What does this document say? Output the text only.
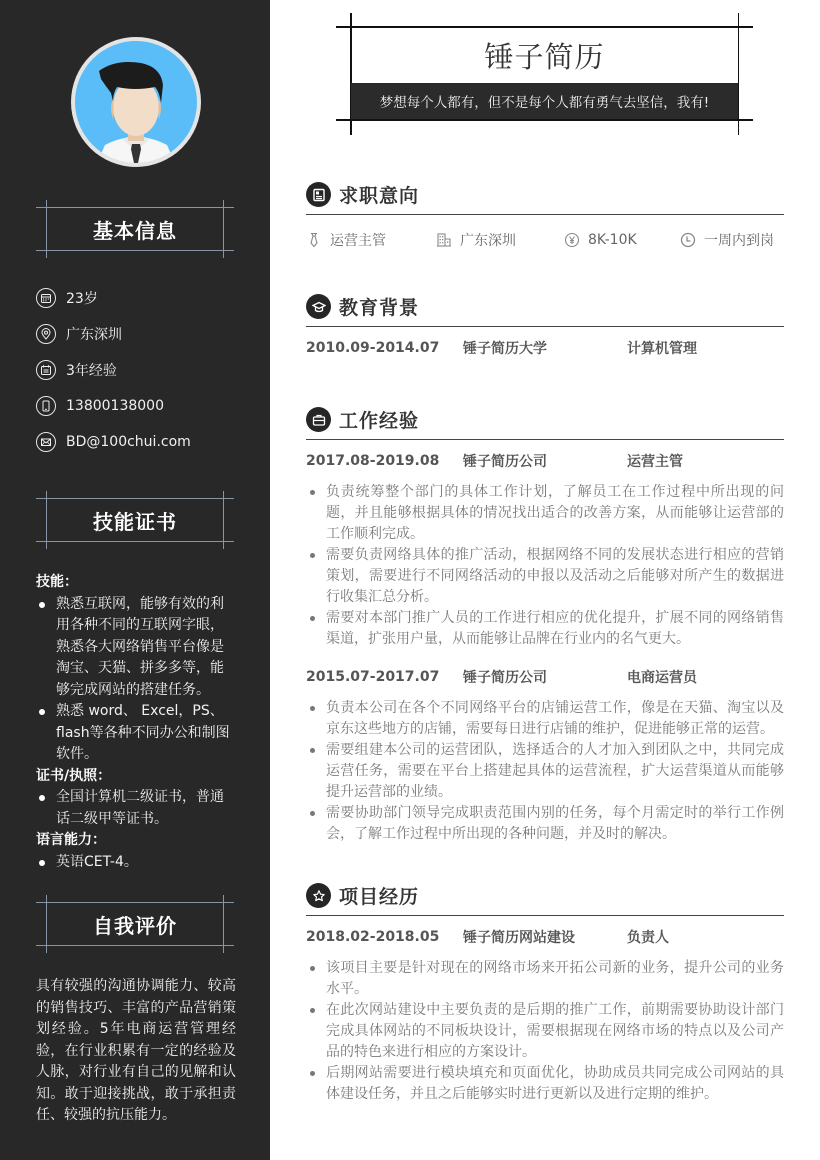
基本信息
23岁
广东深圳
3年经验
13800138000
BD@100chui.com
技能证书
技能：
熟悉互联网，能够有效的利用各种不同的互联网字眼，熟悉各大网络销售平台像是淘宝、天猫、拼多多等，能够完成网站的搭建任务。
熟悉 word、 Excel，PS、flash等各种不同办公和制图软件。
证书/执照：
全国计算机二级证书，普通话二级甲等证书。
语言能力：
英语CET-4。
自我评价
具有较强的沟通协调能力、较高的销售技巧、丰富的产品营销策划经验。5年电商运营管理经验，在行业积累有一定的经验及人脉，对行业有自己的见解和认知。敢于迎接挑战，敢于承担责任、较强的抗压能力。
锤子简历
梦想每个人都有，但不是每个人都有勇气去坚信，我有!
求职意向
运营主管	广东深圳	8K-10K	一周内到岗
教育背景
2010.09-2014.07	锤子简历大学	计算机管理
工作经验
2017.08-2019.08	锤子简历公司	运营主管
负责统筹整个部门的具体工作计划，了解员工在工作过程中所出现的问题，并且能够根据具体的情况找出适合的改善方案，从而能够让运营部的工作顺利完成。
需要负责网络具体的推广活动，根据网络不同的发展状态进行相应的营销策划，需要进行不同网络活动的申报以及活动之后能够对所产生的数据进行收集汇总分析。
需要对本部门推广人员的工作进行相应的优化提升，扩展不同的网络销售渠道，扩张用户量，从而能够让品牌在行业内的名气更大。
2015.07-2017.07	锤子简历公司	电商运营员
负责本公司在各个不同网络平台的店铺运营工作，像是在天猫、淘宝以及京东这些地方的店铺，需要每日进行店铺的维护，促进能够正常的运营。
需要组建本公司的运营团队，选择适合的人才加入到团队之中，共同完成运营任务，需要在平台上搭建起具体的运营流程，扩大运营渠道从而能够提升运营部的业绩。
需要协助部门领导完成职责范围内别的任务，每个月需定时的举行工作例会，了解工作过程中所出现的各种问题，并及时的解决。
项目经历
2018.02-2018.05	锤子简历网站建设	负责人
该项目主要是针对现在的网络市场来开拓公司新的业务，提升公司的业务水平。
在此次网站建设中主要负责的是后期的推广工作，前期需要协助设计部门完成具体网站的不同板块设计，需要根据现在网络市场的特点以及公司产品的特色来进行相应的方案设计。
后期网站需要进行模块填充和页面优化，协助成员共同完成公司网站的具体建设任务，并且之后能够实时进行更新以及进行定期的维护。
